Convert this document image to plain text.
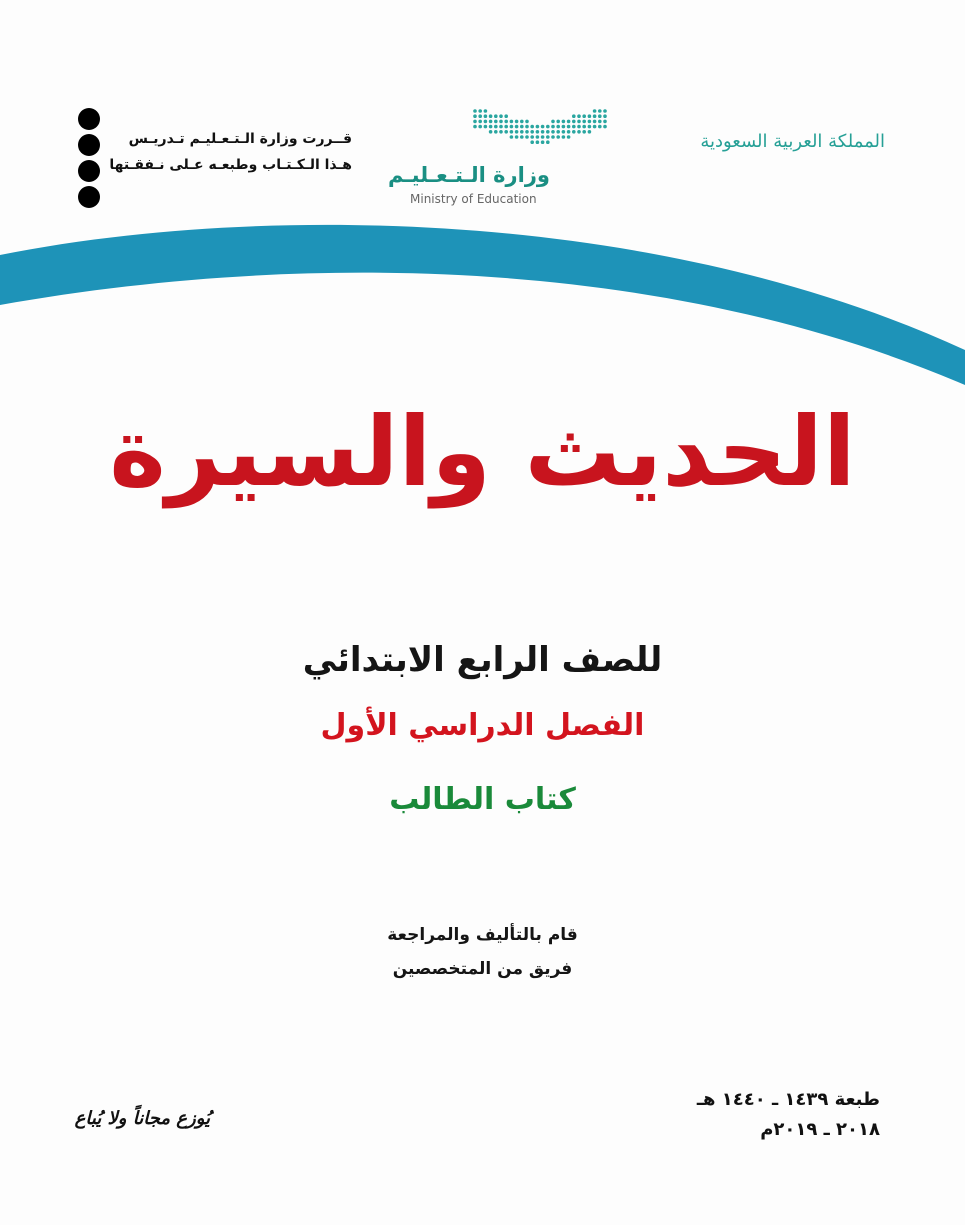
قــررت وزارة الـتـعـليـم تـدريـس
هـذا الـكـتـاب وطبعـه عـلى نـفقـتها وزارة الـتـعـليـم
Ministry of Education
المملكة العربية السعودية
الحديث والسيرة
للصف الرابع الابتدائي
الفصل الدراسي الأول
كتاب الطالب
قام بالتأليف والمراجعة
فريق من المتخصصين
طبعة ١٤٣٩ ـ ١٤٤٠ هـ
٢٠١٨ ـ ٢٠١٩م
يُوزع مجاناً ولا يُباع
